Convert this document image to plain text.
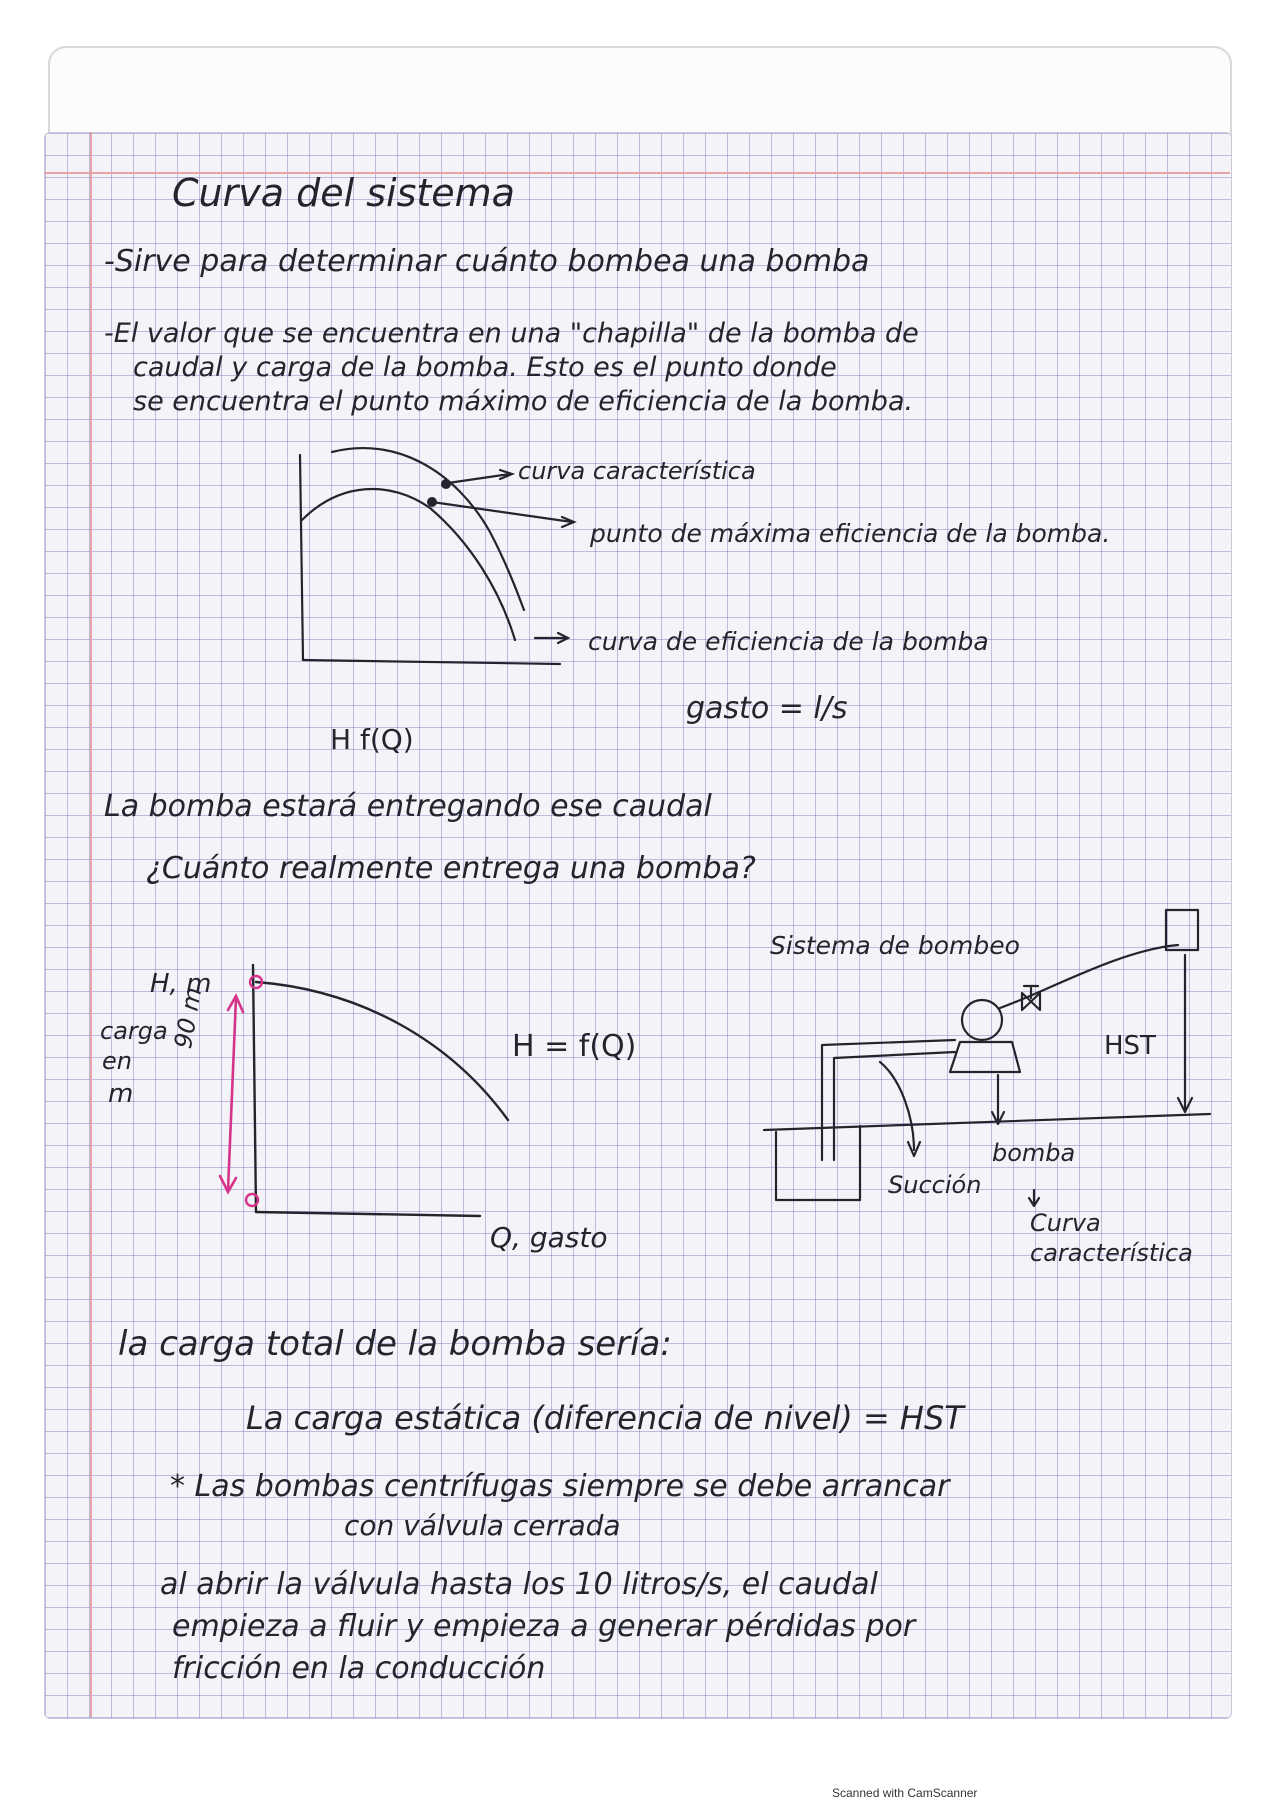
Curva del sistema
-Sirve para determinar cuánto bombea una bomba
-El valor que se encuentra en una "chapilla" de la bomba de
caudal y carga de la bomba. Esto es el punto donde
se encuentra el punto máximo de eficiencia de la bomba.
curva característica
punto de máxima eficiencia de la bomba.
curva de eficiencia de la bomba
gasto = l/s
H f(Q)
La bomba estará entregando ese caudal
¿Cuánto realmente entrega una bomba?
H, m
carga
en
m
90 m	H = f(Q)
Q, gasto
Sistema de bombeo
HST
Succión
bomba
Curva
característica
la carga total de la bomba sería:
La carga estática (diferencia de nivel) = HST
* Las bombas centrífugas siempre se debe arrancar
con válvula cerrada
al abrir la válvula hasta los 10 litros/s, el caudal
empieza a fluir y empieza a generar pérdidas por
fricción en la conducción
Scanned with CamScanner
